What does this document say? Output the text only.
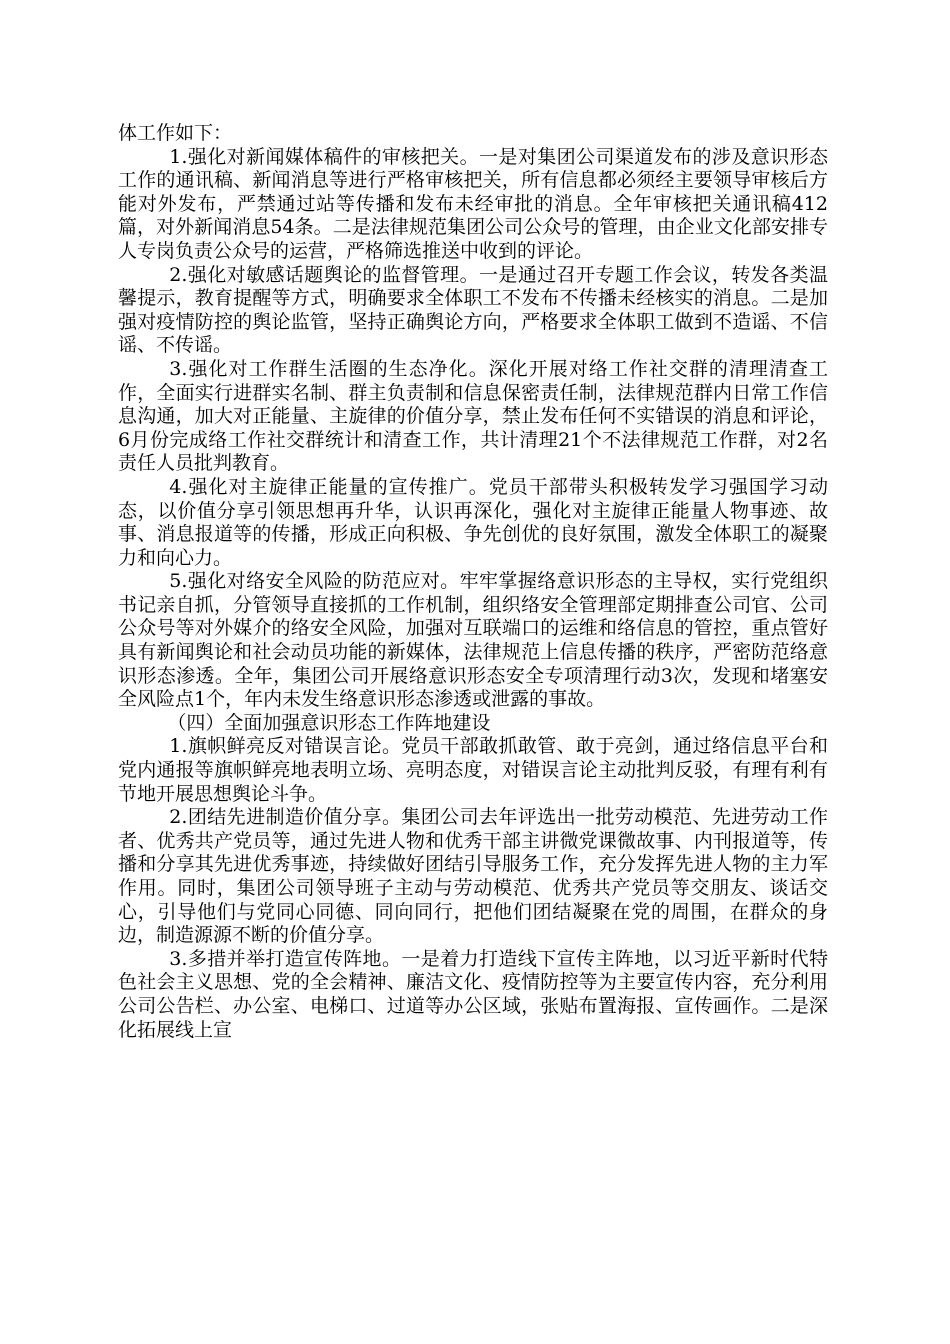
体工作如下：

1.强化对新闻媒体稿件的审核把关。一是对集团公司渠道发布的涉及意识形态工作的通讯稿、新闻消息等进行严格审核把关，所有信息都必须经主要领导审核后方能对外发布，严禁通过站等传播和发布未经审批的消息。全年审核把关通讯稿412篇，对外新闻消息54条。二是法律规范集团公司公众号的管理，由企业文化部安排专人专岗负责公众号的运营，严格筛选推送中收到的评论。

2.强化对敏感话题舆论的监督管理。一是通过召开专题工作会议，转发各类温馨提示，教育提醒等方式，明确要求全体职工不发布不传播未经核实的消息。二是加强对疫情防控的舆论监管，坚持正确舆论方向，严格要求全体职工做到不造谣、不信谣、不传谣。

3.强化对工作群生活圈的生态净化。深化开展对络工作社交群的清理清查工作，全面实行进群实名制、群主负责制和信息保密责任制，法律规范群内日常工作信息沟通，加大对正能量、主旋律的价值分享，禁止发布任何不实错误的消息和评论，6月份完成络工作社交群统计和清查工作，共计清理21个不法律规范工作群，对2名责任人员批判教育。

4.强化对主旋律正能量的宣传推广。党员干部带头积极转发学习强国学习动态，以价值分享引领思想再升华，认识再深化，强化对主旋律正能量人物事迹、故事、消息报道等的传播，形成正向积极、争先创优的良好氛围，激发全体职工的凝聚力和向心力。

5.强化对络安全风险的防范应对。牢牢掌握络意识形态的主导权，实行党组织书记亲自抓，分管领导直接抓的工作机制，组织络安全管理部定期排查公司官、公司公众号等对外媒介的络安全风险，加强对互联端口的运维和络信息的管控，重点管好具有新闻舆论和社会动员功能的新媒体，法律规范上信息传播的秩序，严密防范络意识形态渗透。全年，集团公司开展络意识形态安全专项清理行动3次，发现和堵塞安全风险点1个，年内未发生络意识形态渗透或泄露的事故。

（四）全面加强意识形态工作阵地建设

1.旗帜鲜亮反对错误言论。党员干部敢抓敢管、敢于亮剑，通过络信息平台和党内通报等旗帜鲜亮地表明立场、亮明态度，对错误言论主动批判反驳，有理有利有节地开展思想舆论斗争。

2.团结先进制造价值分享。集团公司去年评选出一批劳动模范、先进劳动工作者、优秀共产党员等，通过先进人物和优秀干部主讲微党课微故事、内刊报道等，传播和分享其先进优秀事迹，持续做好团结引导服务工作，充分发挥先进人物的主力军作用。同时，集团公司领导班子主动与劳动模范、优秀共产党员等交朋友、谈话交心，引导他们与党同心同德、同向同行，把他们团结凝聚在党的周围，在群众的身边，制造源源不断的价值分享。

3.多措并举打造宣传阵地。一是着力打造线下宣传主阵地，以习近平新时代特色社会主义思想、党的全会精神、廉洁文化、疫情防控等为主要宣传内容，充分利用公司公告栏、办公室、电梯口、过道等办公区域，张贴布置海报、宣传画作。二是深化拓展线上宣
